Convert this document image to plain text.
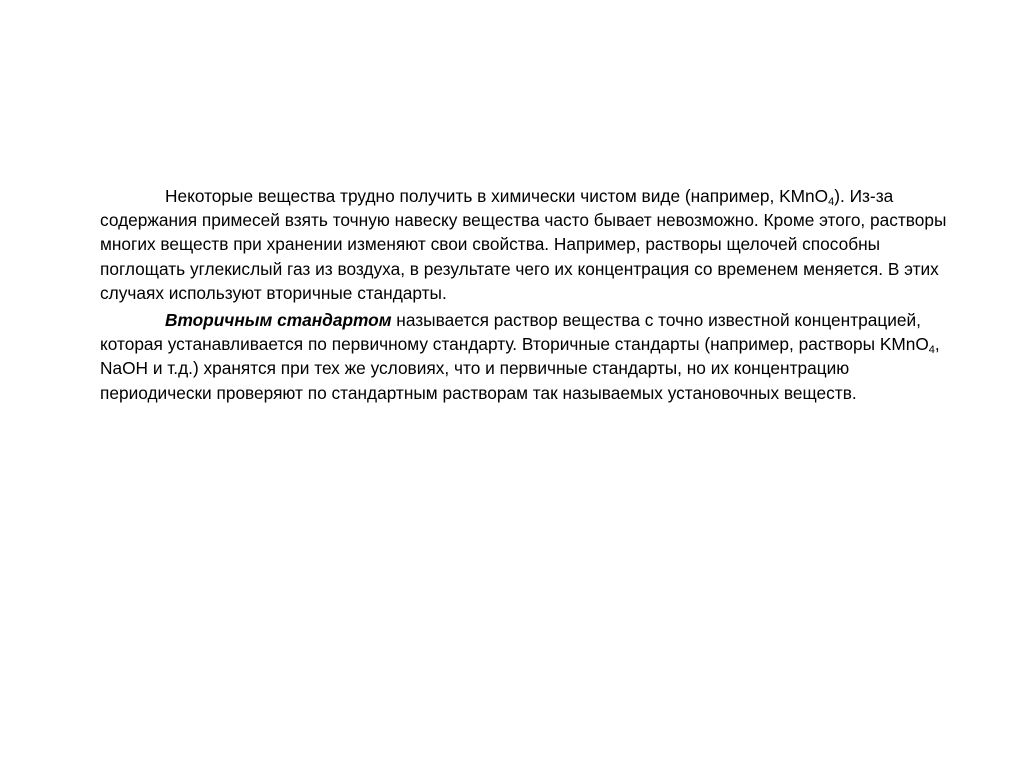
Некоторые вещества трудно получить в химически чистом виде (например, KMnO$_4$). Из-за содержания примесей взять точную навеску вещества часто бывает невозможно. Кроме этого, растворы многих веществ при хранении изменяют свои свойства. Например, растворы щелочей способны поглощать углекислый газ из воздуха, в результате чего их концентрация со временем меняется. В этих случаях используют вторичные стандарты.

Вторичным стандартом называется раствор вещества с точно известной концентрацией, которая устанавливается по первичному стандарту. Вторичные стандарты (например, растворы KMnO$_4$, NaOH и т.д.) хранятся при тех же условиях, что и первичные стандарты, но их концентрацию периодически проверяют по стандартным растворам так называемых установочных веществ.
